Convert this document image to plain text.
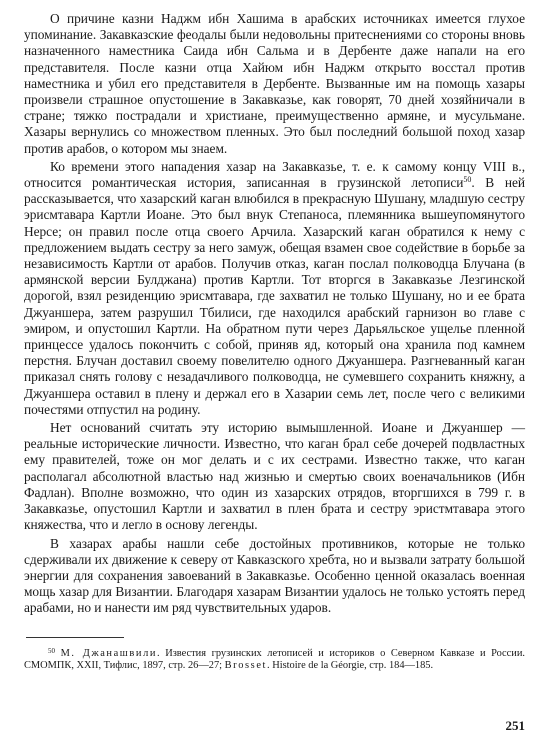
О причине казни Наджм ибн Хашима в арабских источниках имеется глухое упоминание. Закавказские феодалы были недовольны притеснениями со стороны вновь назначенного наместника Саида ибн Сальма и в Дербенте даже напали на его представителя. После казни отца Хайюм ибн Наджм открыто восстал против наместника и убил его представителя в Дербенте. Вызванные им на помощь хазары произвели страшное опустошение в Закавказье, как говорят, 70 дней хозяйничали в стране; тяжко пострадали и христиане, преимущественно армяне, и мусульмане. Хазары вернулись со множеством пленных. Это был последний большой поход хазар против арабов, о котором мы знаем.

Ко времени этого нападения хазар на Закавказье, т. е. к самому концу VIII в., относится романтическая история, записанная в грузинской летописи$^{50}$. В ней рассказывается, что хазарский каган влюбился в прекрасную Шушану, младшую сестру эрисмтавара Картли Иоане. Это был внук Степаноса, племянника вышеупомянутого Нерсе; он правил после отца своего Арчила. Хазарский каган обратился к нему с предложением выдать сестру за него замуж, обещая взамен свое содействие в борьбе за независимость Картли от арабов. Получив отказ, каган послал полководца Блучана (в армянской версии Булджана) против Картли. Тот вторгся в Закавказье Лезгинской дорогой, взял резиденцию эрисмтавара, где захватил не только Шушану, но и ее брата Джуаншера, затем разрушил Тбилиси, где находился арабский гарнизон во главе с эмиром, и опустошил Картли. На обратном пути через Дарьяльское ущелье пленной принцессе удалось покончить с собой, приняв яд, который она хранила под камнем перстня. Блучан доставил своему повелителю одного Джуаншера. Разгневанный каган приказал снять голову с незадачливого полководца, не сумевшего сохранить княжну, а Джуаншера оставил в плену и держал его в Хазарии семь лет, после чего с великими почестями отпустил на родину.

Нет оснований считать эту историю вымышленной. Иоане и Джуаншер — реальные исторические личности. Известно, что каган брал себе дочерей подвластных ему правителей, тоже он мог делать и с их сестрами. Известно также, что каган располагал абсолютной властью над жизнью и смертью своих военачальников (Ибн Фадлан). Вполне возможно, что один из хазарских отрядов, вторгшихся в 799 г. в Закавказье, опустошил Картли и захватил в плен брата и сестру эристмтавара этого княжества, что и легло в основу легенды.

В хазарах арабы нашли себе достойных противников, которые не только сдерживали их движение к северу от Кавказского хребта, но и вызвали затрату большой энергии для сохранения завоеваний в Закавказье. Особенно ценной оказалась военная мощь хазар для Византии. Благодаря хазарам Византии удалось не только устоять перед арабами, но и нанести им ряд чувствительных ударов.

$^{50}$ М. Джанашвили. Известия грузинских летописей и историков о Северном Кавказе и России. СМОМПК, XXII, Тифлис, 1897, стр. 26—27; Brosset. Histoire de la Géorgie, стр. 184—185.

251
